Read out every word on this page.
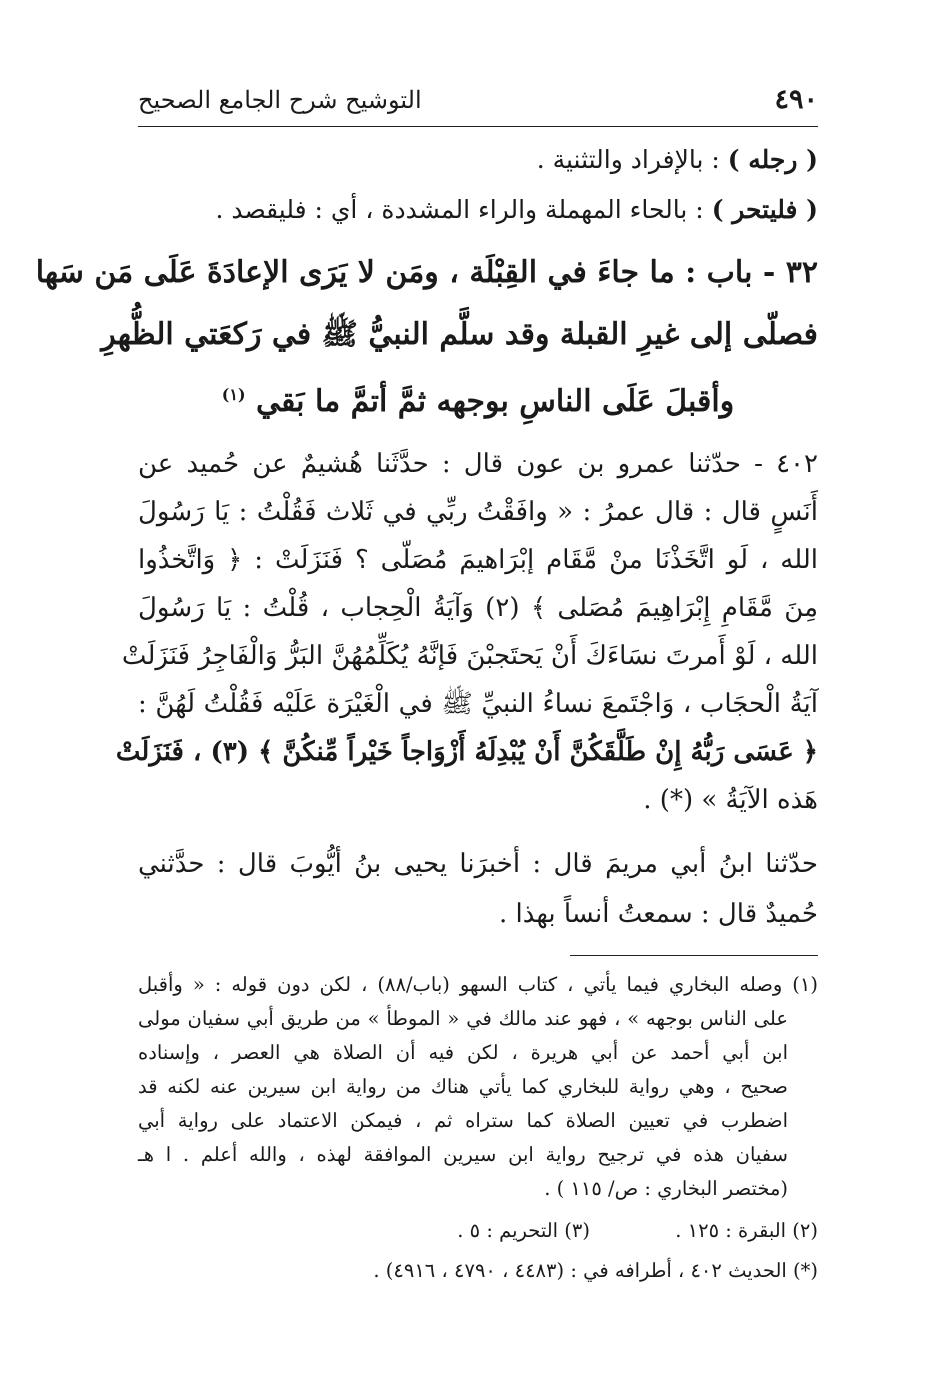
٤٩٠
التوشيح شرح الجامع الصحيح
( رجله ) : بالإفراد والتثنية .
( فليتحر ) : بالحاء المهملة والراء المشددة ، أي : فليقصد .
٣٢ - باب : ما جاءَ في القِبْلَة ، ومَن لا يَرَى الإعادَةَ عَلَى مَن سَها
فصلّى إلى غيرِ القبلة وقد سلَّم النبيُّ ﷺ في رَكعَتي الظُّهرِ
وأقبلَ عَلَى الناسِ بوجهه ثمَّ أتمَّ ما بَقي $^{(١)}$
٤٠٢ - حدّثنا عمرو بن عون قال : حدَّثَنا هُشيمٌ عن حُميد عن
أَنَسٍ قال : قال عمرُ : « وافَقْتُ ربِّي في ثَلاث فَقُلْتُ : يَا رَسُولَ
الله ، لَو اتَّخَذْنَا منْ مَّقَام إبْرَاهيمَ مُصَلّى ؟ فَنَزَلَتْ : ﴿ وَاتَّخذُوا
مِنَ مَّقَامِ إِبْرَاهِيمَ مُصَلى ﴾ (٢) وَآيَةُ الْحِجاب ، قُلْتُ : يَا رَسُولَ
الله ، لَوْ أَمرتَ نسَاءَكَ أَنْ يَحتَجبْنَ فَإنَّهُ يُكَلِّمُهُنَّ البَرُّ وَالْفَاجِرُ فَنَزَلَتْ
آيَةُ الْحجَاب ، وَاجْتَمعَ نساءُ النبيِّ ﷺ في الْغَيْرَة عَلَيْه فَقُلْتُ لَهُنَّ :
﴿ عَسَى رَبُّهُ إِنْ طَلَّقَكُنَّ أَنْ يُبْدِلَهُ أَزْوَاجاً خَيْراً مِّنكُنَّ ﴾ (٣) ، فَنَزَلَتْ
هَذه الآيَةُ » (*) .
حدّثنا ابنُ أبي مريمَ قال : أخبرَنا يحيى بنُ أيُّوبَ قال : حدَّثني
حُميدٌ قال : سمعتُ أنساً بهذا .
(١) وصله البخاري فيما يأتي ، كتاب السهو (باب/٨٨) ، لكن دون قوله : « وأقبل
على الناس بوجهه » ، فهو عند مالك في « الموطأ » من طريق أبي سفيان مولى
ابن أبي أحمد عن أبي هريرة ، لكن فيه أن الصلاة هي العصر ، وإسناده
صحيح ، وهي رواية للبخاري كما يأتي هناك من رواية ابن سيرين عنه لكنه قد
اضطرب في تعيين الصلاة كما ستراه ثم ، فيمكن الاعتماد على رواية أبي
سفيان هذه في ترجيح رواية ابن سيرين الموافقة لهذه ، والله أعلم . ا هـ
(مختصر البخاري : ص/ ١١٥ ) .
(٢) البقرة : ١٢٥ .
(٣) التحريم : ٥ .
(*) الحديث ٤٠٢ ، أطرافه في : (٤٤٨٣ ، ٤٧٩٠ ، ٤٩١٦) .
